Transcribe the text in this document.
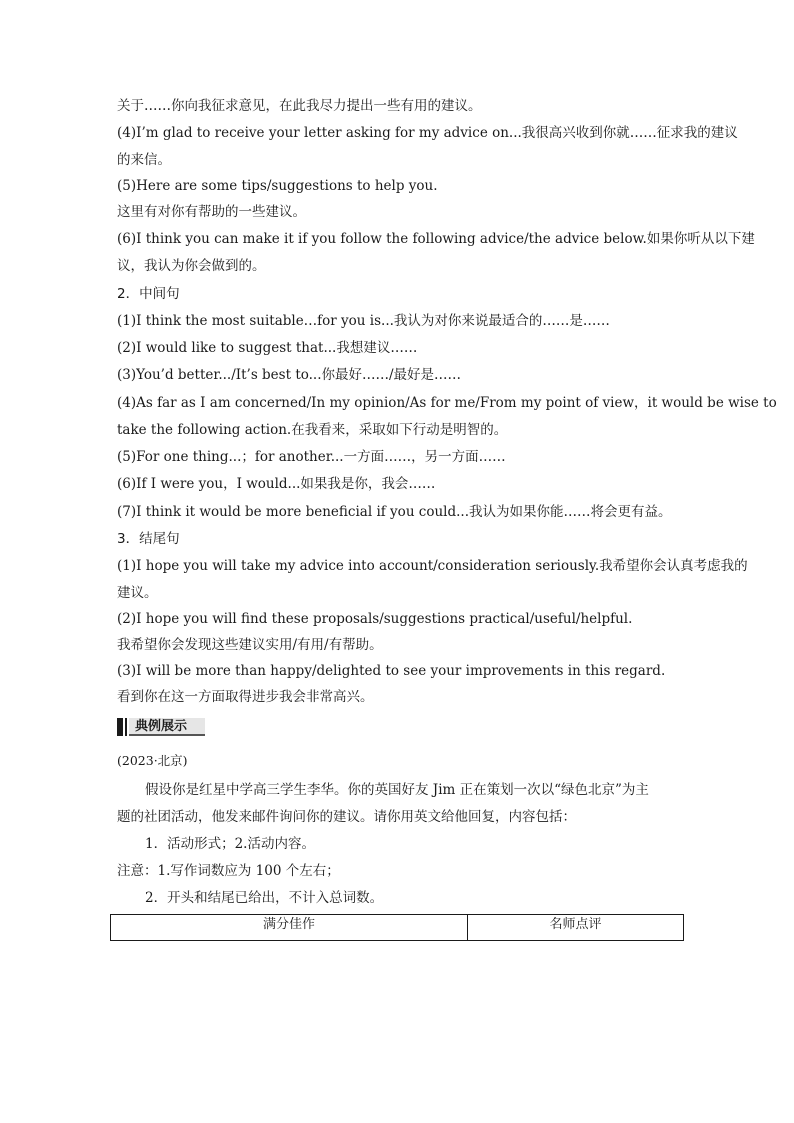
关于……你向我征求意见，在此我尽力提出一些有用的建议。
(4)I’m glad to receive your letter asking for my advice on...我很高兴收到你就……征求我的建议
的来信。
(5)Here are some tips/suggestions to help you.
这里有对你有帮助的一些建议。
(6)I think you can make it if you follow the following advice/the advice below.如果你听从以下建
议，我认为你会做到的。
2．中间句
(1)I think the most suitable…for you is...我认为对你来说最适合的……是……
(2)I would like to suggest that...我想建议……
(3)You’d better.../It’s best to...你最好……/最好是……
(4)As far as I am concerned/In my opinion/As for me/From my point of view，it would be wise to
take the following action.在我看来，采取如下行动是明智的。
(5)For one thing...；for another...一方面……，另一方面……
(6)If I were you，I would...如果我是你，我会……
(7)I think it would be more beneficial if you could...我认为如果你能……将会更有益。
3．结尾句
(1)I hope you will take my advice into account/consideration seriously.我希望你会认真考虑我的
建议。
(2)I hope you will find these proposals/suggestions practical/useful/helpful.
我希望你会发现这些建议实用/有用/有帮助。
(3)I will be more than happy/delighted to see your improvements in this regard.
看到你在这一方面取得进步我会非常高兴。
典例展示
(2023·北京)
假设你是红星中学高三学生李华。你的英国好友 Jim 正在策划一次以“绿色北京”为主
题的社团活动，他发来邮件询问你的建议。请你用英文给他回复，内容包括：
1．活动形式；2.活动内容。
注意：1.写作词数应为 100 个左右；
2．开头和结尾已给出，不计入总词数。
满分佳作	名师点评
